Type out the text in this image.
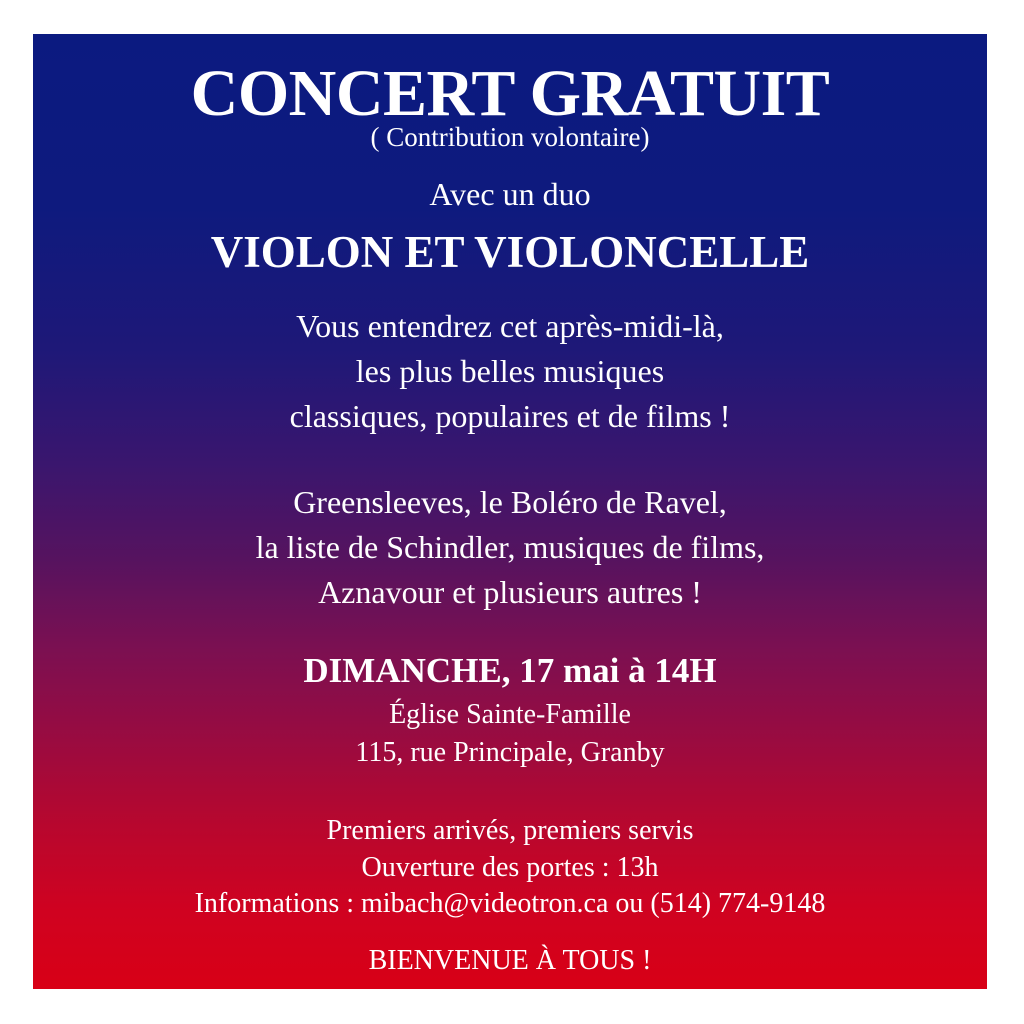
CONCERT GRATUIT
( Contribution volontaire)
Avec un duo
VIOLON ET VIOLONCELLE
Vous entendrez cet après-midi-là,
les plus belles musiques
classiques, populaires et de films !
Greensleeves, le Boléro de Ravel,
la liste de Schindler, musiques de films,
Aznavour et plusieurs autres !
DIMANCHE, 17 mai à 14H
Église Sainte-Famille
115, rue Principale, Granby
Premiers arrivés, premiers servis
Ouverture des portes : 13h
Informations : mibach@videotron.ca ou (514) 774-9148
BIENVENUE À TOUS !
